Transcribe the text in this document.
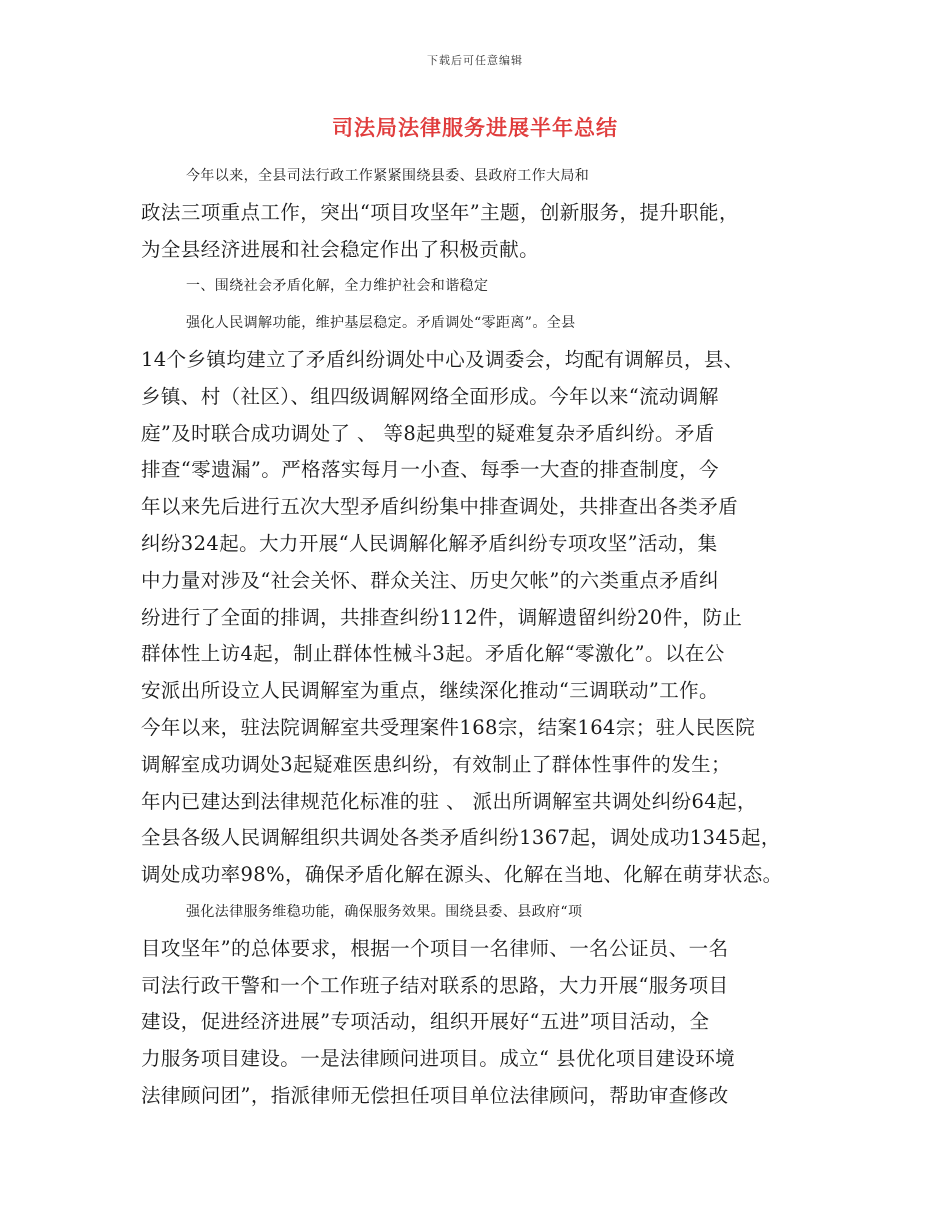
下载后可任意编辑
司法局法律服务进展半年总结
今年以来，全县司法行政工作紧紧围绕县委、县政府工作大局和
政法三项重点工作，突出“项目攻坚年”主题，创新服务，提升职能，
为全县经济进展和社会稳定作出了积极贡献。
一、围绕社会矛盾化解，全力维护社会和谐稳定
强化人民调解功能，维护基层稳定。矛盾调处“零距离”。全县
14个乡镇均建立了矛盾纠纷调处中心及调委会，均配有调解员，县、
乡镇、村（社区）、组四级调解网络全面形成。今年以来“流动调解
庭”及时联合成功调处了 、 等8起典型的疑难复杂矛盾纠纷。矛盾
排查“零遗漏”。严格落实每月一小查、每季一大查的排查制度，今
年以来先后进行五次大型矛盾纠纷集中排查调处，共排查出各类矛盾
纠纷324起。大力开展“人民调解化解矛盾纠纷专项攻坚”活动，集
中力量对涉及“社会关怀、群众关注、历史欠帐”的六类重点矛盾纠
纷进行了全面的排调，共排查纠纷112件，调解遗留纠纷20件，防止
群体性上访4起，制止群体性械斗3起。矛盾化解“零激化”。以在公
安派出所设立人民调解室为重点，继续深化推动“三调联动”工作。
今年以来，驻法院调解室共受理案件168宗，结案164宗；驻人民医院
调解室成功调处3起疑难医患纠纷，有效制止了群体性事件的发生；
年内已建达到法律规范化标准的驻 、 派出所调解室共调处纠纷64起，
全县各级人民调解组织共调处各类矛盾纠纷1367起，调处成功1345起，
调处成功率98%，确保矛盾化解在源头、化解在当地、化解在萌芽状态。
强化法律服务维稳功能，确保服务效果。围绕县委、县政府“项
目攻坚年”的总体要求，根据一个项目一名律师、一名公证员、一名
司法行政干警和一个工作班子结对联系的思路，大力开展“服务项目
建设，促进经济进展”专项活动，组织开展好“五进”项目活动，全
力服务项目建设。一是法律顾问进项目。成立“ 县优化项目建设环境
法律顾问团”，指派律师无偿担任项目单位法律顾问，帮助审查修改
